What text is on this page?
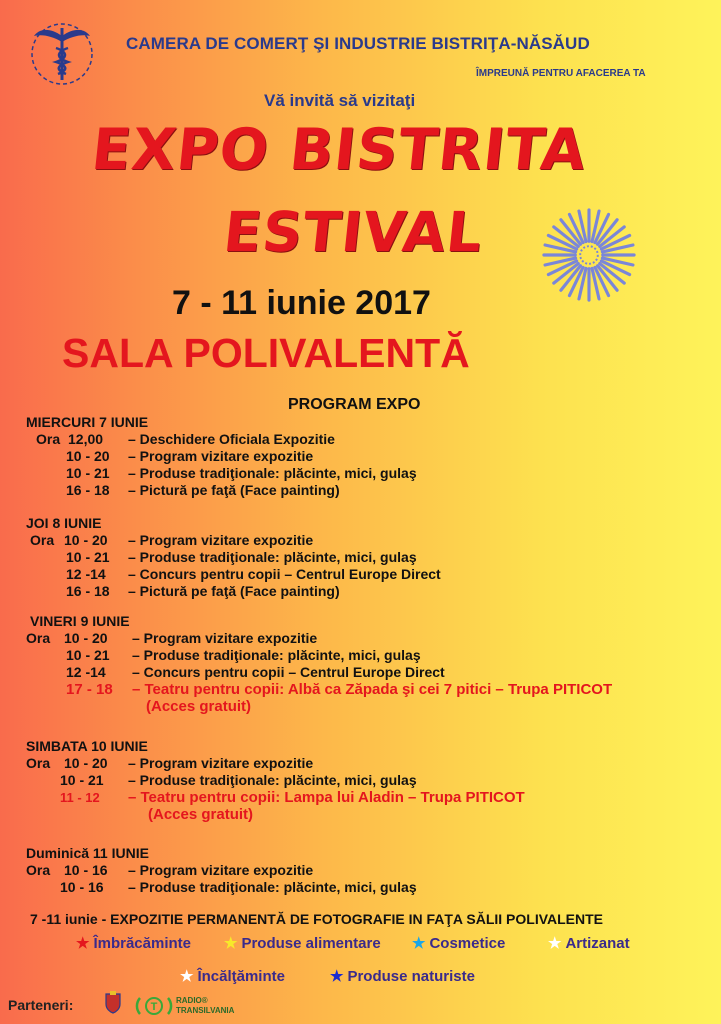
CAMERA DE COMERŢ ŞI INDUSTRIE BISTRIŢA-NĂSĂUD
ÎMPREUNĂ PENTRU AFACEREA TA
Vă invită să vizitaţi
EXPO BISTRITA
ESTIVAL
7 - 11 iunie 2017
SALA POLIVALENTĂ
PROGRAM EXPO
MIERCURI 7 IUNIE
Ora 12,00 – Deschidere Oficiala Expozitie
10 - 20 – Program vizitare expozitie
10 - 21 – Produse tradiţionale: plăcinte, mici, gulaş
16 - 18 – Pictură pe faţă (Face painting)
JOI 8 IUNIE
Ora 10 - 20 – Program vizitare expozitie
10 - 21 – Produse tradiţionale: plăcinte, mici, gulaş
12 -14 – Concurs pentru copii – Centrul Europe Direct
16 - 18 – Pictură pe faţă (Face painting)
VINERI 9 IUNIE
Ora 10 - 20 – Program vizitare expozitie
10 - 21 – Produse tradiţionale: plăcinte, mici, gulaş
12 -14 – Concurs pentru copii – Centrul Europe Direct
17 - 18 – Teatru pentru copii: Albă ca Zăpada şi cei 7 pitici – Trupa PITICOT
(Acces gratuit)
SIMBATA 10 IUNIE
Ora 10 - 20 – Program vizitare expozitie
10 - 21 – Produse tradiţionale: plăcinte, mici, gulaş
11 - 12 – Teatru pentru copii: Lampa lui Aladin – Trupa PITICOT
(Acces gratuit)
Duminică 11 IUNIE
Ora 10 - 16 – Program vizitare expozitie
10 - 16 – Produse tradiţionale: plăcinte, mici, gulaş
7 -11 iunie - EXPOZITIE PERMANENTĂ DE FOTOGRAFIE IN FAŢA SĂLII POLIVALENTE
★ Îmbrăcăminte ★ Produse alimentare ★ Cosmetice	★ Artizanat
★ Încălţăminte	★ Produse naturiste
Parteneri:	T
RADIO®
TRANSILVANIA
